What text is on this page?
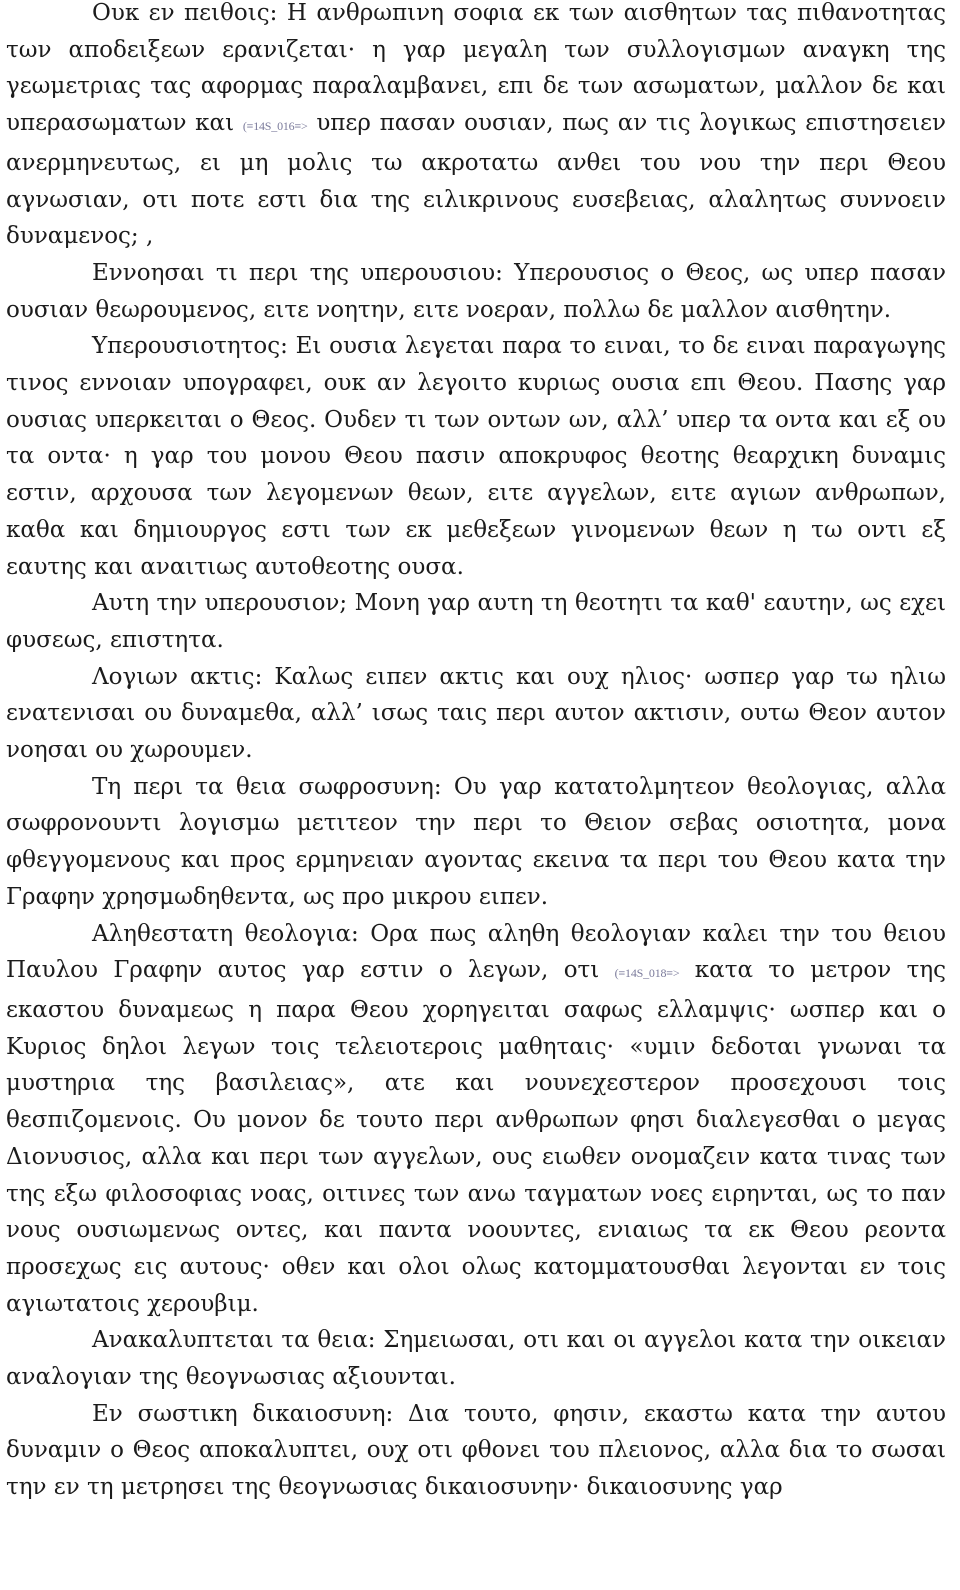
Ουκ εν πειθοις: Η ανθρωπινη σοφια εκ των αισθητων τας πιθανοτητας των αποδειξεων ερανιζεται· η γαρ μεγαλη των συλλογισμων αναγκη της γεωμετριας τας αφορμας παραλαμβανει, επι δε των ασωματων, μαλλον δε και υπερασωματων και (≡14S_016≡> υπερ πασαν ουσιαν, πως αν τις λογικως επιστησειεν ανερμηνευτως, ει μη μολις τω ακροτατω ανθει του νου την περι Θεου αγνωσιαν, οτι ποτε εστι δια της ειλικρινους ευσεβειας, αλαλητως συννοειν δυναμενος; ,

Εννοησαι τι περι της υπερουσιου: Υπερουσιος ο Θεος, ως υπερ πασαν ουσιαν θεωρουμενος, ειτε νοητην, ειτε νοεραν, πολλω δε μαλλον αισθητην.

Υπερουσιοτητος: Ει ουσια λεγεται παρα το ειναι, το δε ειναι παραγωγης τινος εννοιαν υπογραφει, ουκ αν λεγοιτο κυριως ουσια επι Θεου. Πασης γαρ ουσιας υπερκειται ο Θεος. Ουδεν τι των οντων ων, αλλ’ υπερ τα οντα και εξ ου τα οντα· η γαρ του μονου Θεου πασιν αποκρυφος θεοτης θεαρχικη δυναμις εστιν, αρχουσα των λεγομενων θεων, ειτε αγγελων, ειτε αγιων ανθρωπων, καθα και δημιουργος εστι των εκ μεθεξεων γινομενων θεων η τω οντι εξ εαυτης και αναιτιως αυτοθεοτης ουσα.

Αυτη την υπερουσιον; Μονη γαρ αυτη τη θεοτητι τα καθ' εαυτην, ως εχει φυσεως, επιστητα.

Λογιων ακτις: Καλως ειπεν ακτις και ουχ ηλιος· ωσπερ γαρ τω ηλιω ενατενισαι ου δυναμεθα, αλλ’ ισως ταις περι αυτον ακτισιν, ουτω Θεον αυτον νοησαι ου χωρουμεν.

Τη περι τα θεια σωφροσυνη: Ου γαρ κατατολμητεον θεολογιας, αλλα σωφρονουντι λογισμω μετιτεον την περι το Θειον σεβας οσιοτητα, μονα φθεγγομενους και προς ερμηνειαν αγοντας εκεινα τα περι του Θεου κατα την Γραφην χρησμωδηθεντα, ως προ μικρου ειπεν.

Αληθεστατη θεολογια: Ορα πως αληθη θεολογιαν καλει την του θειου Παυλου Γραφην αυτος γαρ εστιν ο λεγων, οτι (≡14S_018≡> κατα το μετρον της εκαστου δυναμεως η παρα Θεου χορηγειται σαφως ελλαμψις· ωσπερ και ο Κυριος δηλοι λεγων τοις τελειοτεροις μαθηταις· «υμιν δεδοται γνωναι τα μυστηρια της βασιλειας», ατε και νουνεχεστερον προσεχουσι τοις θεσπιζομενοις. Ου μονον δε τουτο περι ανθρωπων φησι διαλεγεσθαι ο μεγας Διονυσιος, αλλα και περι των αγγελων, ους ειωθεν ονομαζειν κατα τινας των της εξω φιλοσοφιας νοας, οιτινες των ανω ταγματων νοες ειρηνται, ως το παν νους ουσιωμενως οντες, και παντα νοουντες, ενιαιως τα εκ Θεου ρεοντα προσεχως εις αυτους· οθεν και ολοι ολως κατομματουσθαι λεγονται εν τοις αγιωτατοις χερουβιμ.

Ανακαλυπτεται τα θεια: Σημειωσαι, οτι και οι αγγελοι κατα την οικειαν αναλογιαν της θεογνωσιας αξιουνται.

Εν σωστικη δικαιοσυνη: Δια τουτο, φησιν, εκαστω κατα την αυτου δυναμιν ο Θεος αποκαλυπτει, ουχ οτι φθονει του πλειονος, αλλα δια το σωσαι την εν τη μετρησει της θεογνωσιας δικαιοσυνην· δικαιοσυνης γαρ
